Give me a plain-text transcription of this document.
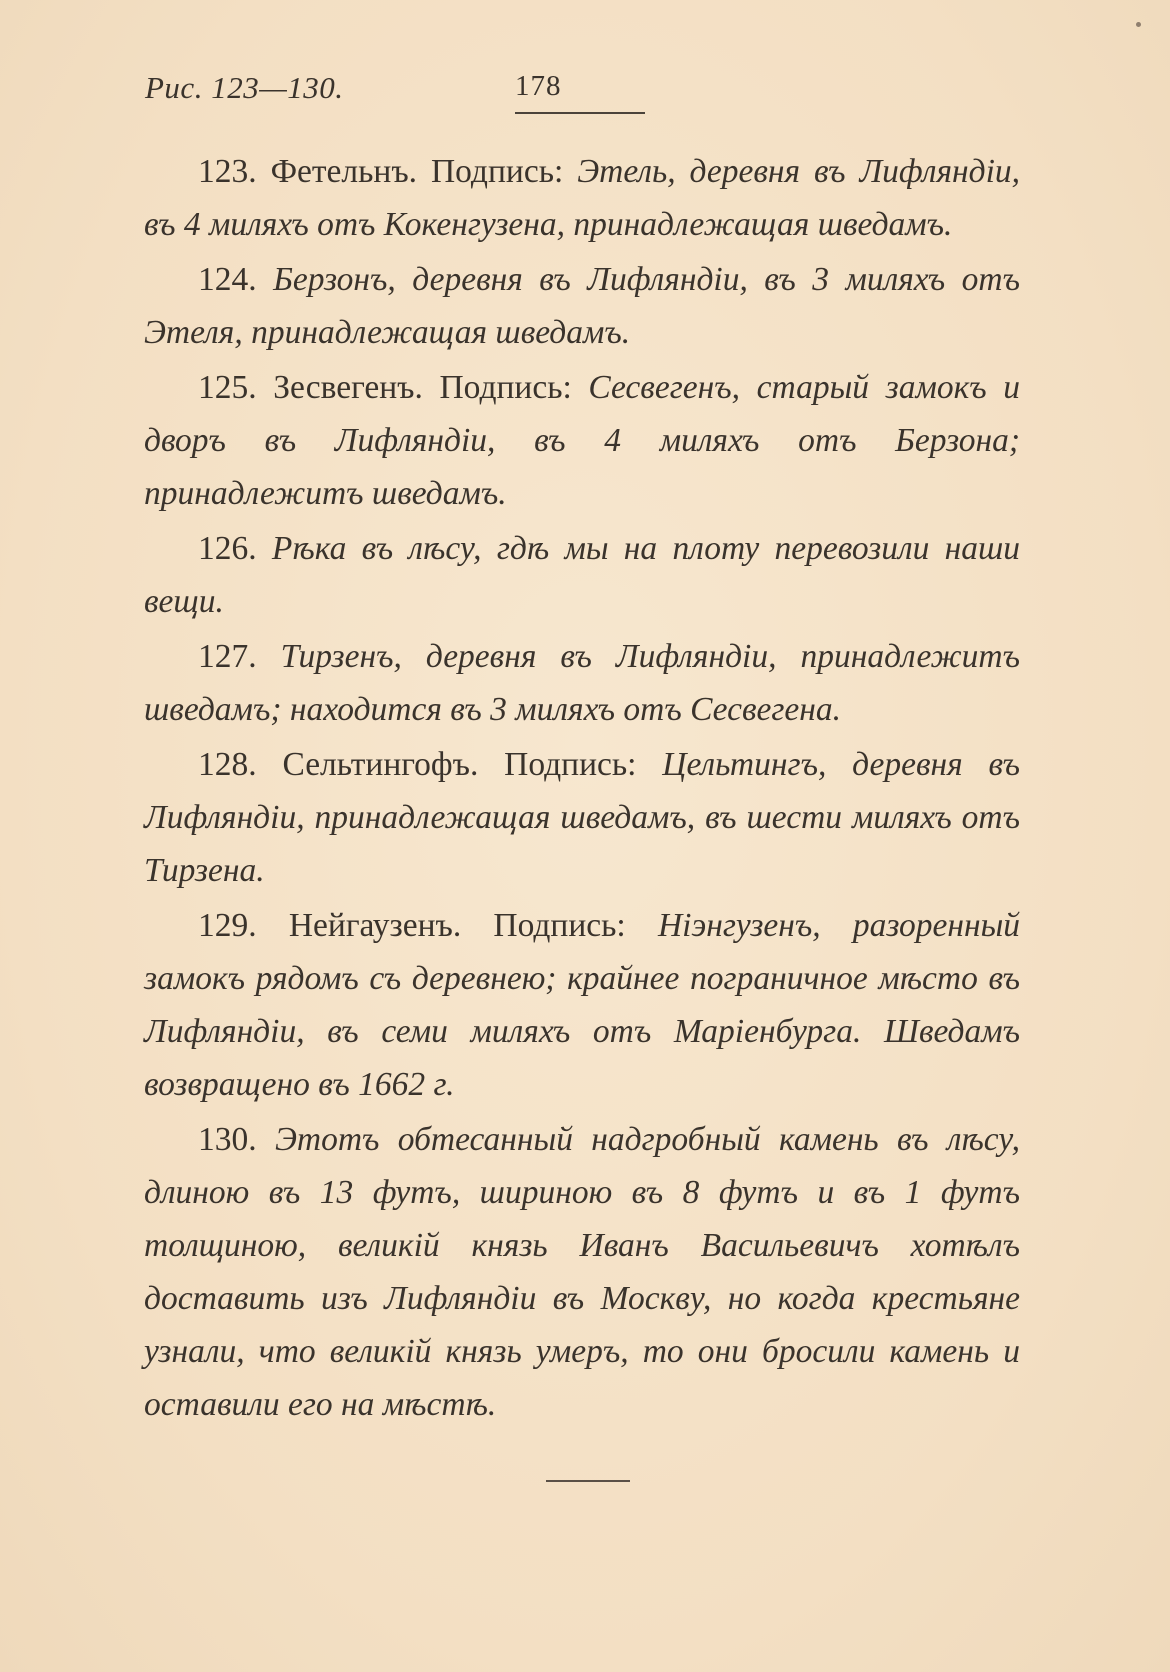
Рис. 123—130.	178

123. Фетельнъ. Подпись: Этель, деревня въ Лифляндіи, въ 4 миляхъ отъ Кокенгузена, принадлежащая шведамъ.

124. Берзонъ, деревня въ Лифляндіи, въ 3 миляхъ отъ Этеля, принадлежащая шведамъ.

125. Зесвегенъ. Подпись: Сесвегенъ, старый замокъ и дворъ въ Лифляндіи, въ 4 миляхъ отъ Берзона; принадлежитъ шведамъ.

126. Рѣка въ лѣсу, гдѣ мы на плоту перевозили наши вещи.

127. Тирзенъ, деревня въ Лифляндіи, принадлежитъ шведамъ; находится въ 3 миляхъ отъ Сесвегена.

128. Сельтингофъ. Подпись: Цельтингъ, деревня въ Лифляндіи, принадлежащая шведамъ, въ шести миляхъ отъ Тирзена.

129. Нейгаузенъ. Подпись: Ніэнгузенъ, разоренный замокъ рядомъ съ деревнею; крайнее пограничное мѣсто въ Лифляндіи, въ семи миляхъ отъ Маріенбурга. Шведамъ возвращено въ 1662 г.

130. Этотъ обтесанный надгробный камень въ лѣсу, длиною въ 13 футъ, шириною въ 8 футъ и въ 1 футъ толщиною, великій князь Иванъ Васильевичъ хотѣлъ доставить изъ Лифляндіи въ Москву, но когда крестьяне узнали, что великій князь умеръ, то они бросили камень и оставили его на мѣстѣ.
